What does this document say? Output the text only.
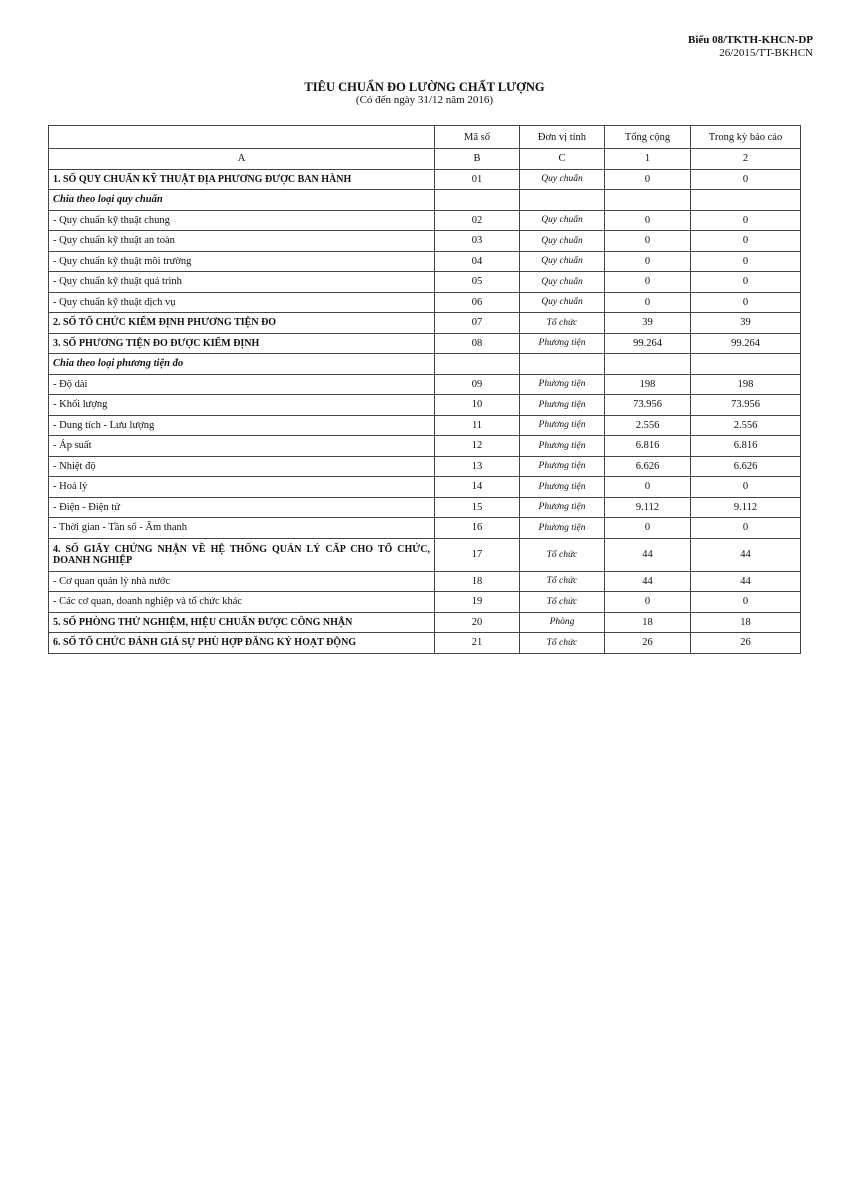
Biểu 08/TKTH-KHCN-DP
26/2015/TT-BKHCN
TIÊU CHUẨN ĐO LƯỜNG CHẤT LƯỢNG
(Có đến ngày 31/12 năm 2016)
	Mã số	Đơn vị tính	Tổng cộng	Trong kỳ báo cáo
A	B	C	1	2
1. SỐ QUY CHUẨN KỸ THUẬT ĐỊA PHƯƠNG ĐƯỢC BAN HÀNH	01	Quy chuẩn	0	0
Chia theo loại quy chuẩn				
- Quy chuẩn kỹ thuật chung	02	Quy chuẩn	0	0
- Quy chuẩn kỹ thuật an toàn	03	Quy chuẩn	0	0
- Quy chuẩn kỹ thuật môi trường	04	Quy chuẩn	0	0
- Quy chuẩn kỹ thuật quá trình	05	Quy chuẩn	0	0
- Quy chuẩn kỹ thuật dịch vụ	06	Quy chuẩn	0	0
2. SỐ TỔ CHỨC KIỂM ĐỊNH PHƯƠNG TIỆN ĐO	07	Tổ chức	39	39
3. SỐ PHƯƠNG TIỆN ĐO ĐƯỢC KIỂM ĐỊNH	08	Phương tiện	99.264	99.264
Chia theo loại phương tiện đo				
- Độ dài	09	Phương tiện	198	198
- Khối lượng	10	Phương tiện	73.956	73.956
- Dung tích - Lưu lượng	11	Phương tiện	2.556	2.556
- Áp suất	12	Phương tiện	6.816	6.816
- Nhiệt độ	13	Phương tiện	6.626	6.626
- Hoá lý	14	Phương tiện	0	0
- Điện - Điện tử	15	Phương tiện	9.112	9.112
- Thời gian - Tần số - Âm thanh	16	Phương tiện	0	0
4. SỐ GIẤY CHỨNG NHẬN VỀ HỆ THỐNG QUẢN LÝ CẤP CHO TỔ CHỨC, DOANH NGHIỆP	17	Tổ chức	44	44
- Cơ quan quản lý nhà nước	18	Tổ chức	44	44
- Các cơ quan, doanh nghiệp và tổ chức khác	19	Tổ chức	0	0
5. SỐ PHÒNG THỬ NGHIỆM, HIỆU CHUẨN ĐƯỢC CÔNG NHẬN	20	Phòng	18	18
6. SỐ TỔ CHỨC ĐÁNH GIÁ SỰ PHÙ HỢP ĐĂNG KÝ HOẠT ĐỘNG	21	Tổ chức	26	26
